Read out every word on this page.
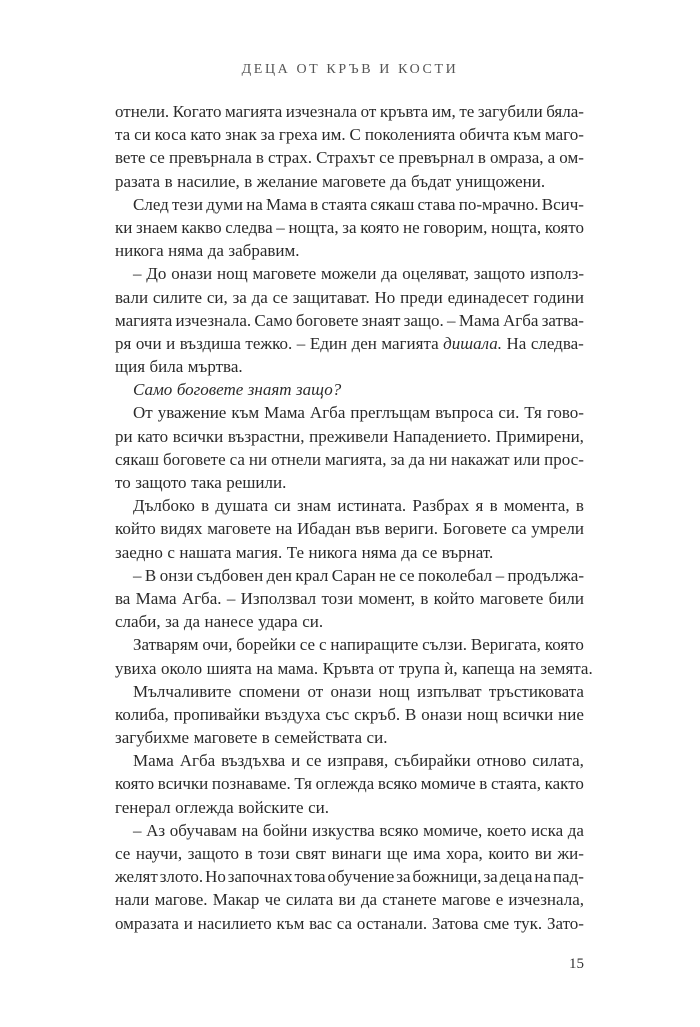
ДЕЦА ОТ КРЪВ И КОСТИ
отнели. Когато магията изчезнала от кръвта им, те загубили бяла-
та си коса като знак за греха им. С поколенията обичта към маго-
вете се превърнала в страх. Страхът се превърнал в омраза, а ом-
разата в насилие, в желание маговете да бъдат унищожени.
След тези думи на Мама в стаята сякаш става по-мрачно. Всич-
ки знаем какво следва – нощта, за която не говорим, нощта, която
никога няма да забравим.
– До онази нощ маговете можели да оцеляват, защото използ-
вали силите си, за да се защитават. Но преди единадесет години
магията изчезнала. Само боговете знаят защо. – Мама Агба затва-
ря очи и въздиша тежко. – Един ден магията дишала. На следва-
щия била мъртва.
Само боговете знаят защо?
От уважение към Мама Агба преглъщам въпроса си. Тя гово-
ри като всички възрастни, преживели Нападението. Примирени,
сякаш боговете са ни отнели магията, за да ни накажат или прос-
то защото така решили.
Дълбоко в душата си знам истината. Разбрах я в момента, в
който видях маговете на Ибадан във вериги. Боговете са умрели
заедно с нашата магия. Те никога няма да се върнат.
– В онзи съдбовен ден крал Саран не се поколебал – продължа-
ва Мама Агба. – Използвал този момент, в който маговете били
слаби, за да нанесе удара си.
Затварям очи, борейки се с напиращите сълзи. Веригата, която
увиха около шията на мама. Кръвта от трупа ѝ, капеща на земята.
Мълчаливите спомени от онази нощ изпълват тръстиковата
колиба, пропивайки въздуха със скръб. В онази нощ всички ние
загубихме маговете в семействата си.
Мама Агба въздъхва и се изправя, събирайки отново силата,
която всички познаваме. Тя оглежда всяко момиче в стаята, както
генерал оглежда войските си.
– Аз обучавам на бойни изкуства всяко момиче, което иска да
се научи, защото в този свят винаги ще има хора, които ви жи-
желят злото. Но започнах това обучение за божници, за деца на пад-
нали магове. Макар че силата ви да станете магове е изчезнала,
омразата и насилието към вас са останали. Затова сме тук. Зато-
15
